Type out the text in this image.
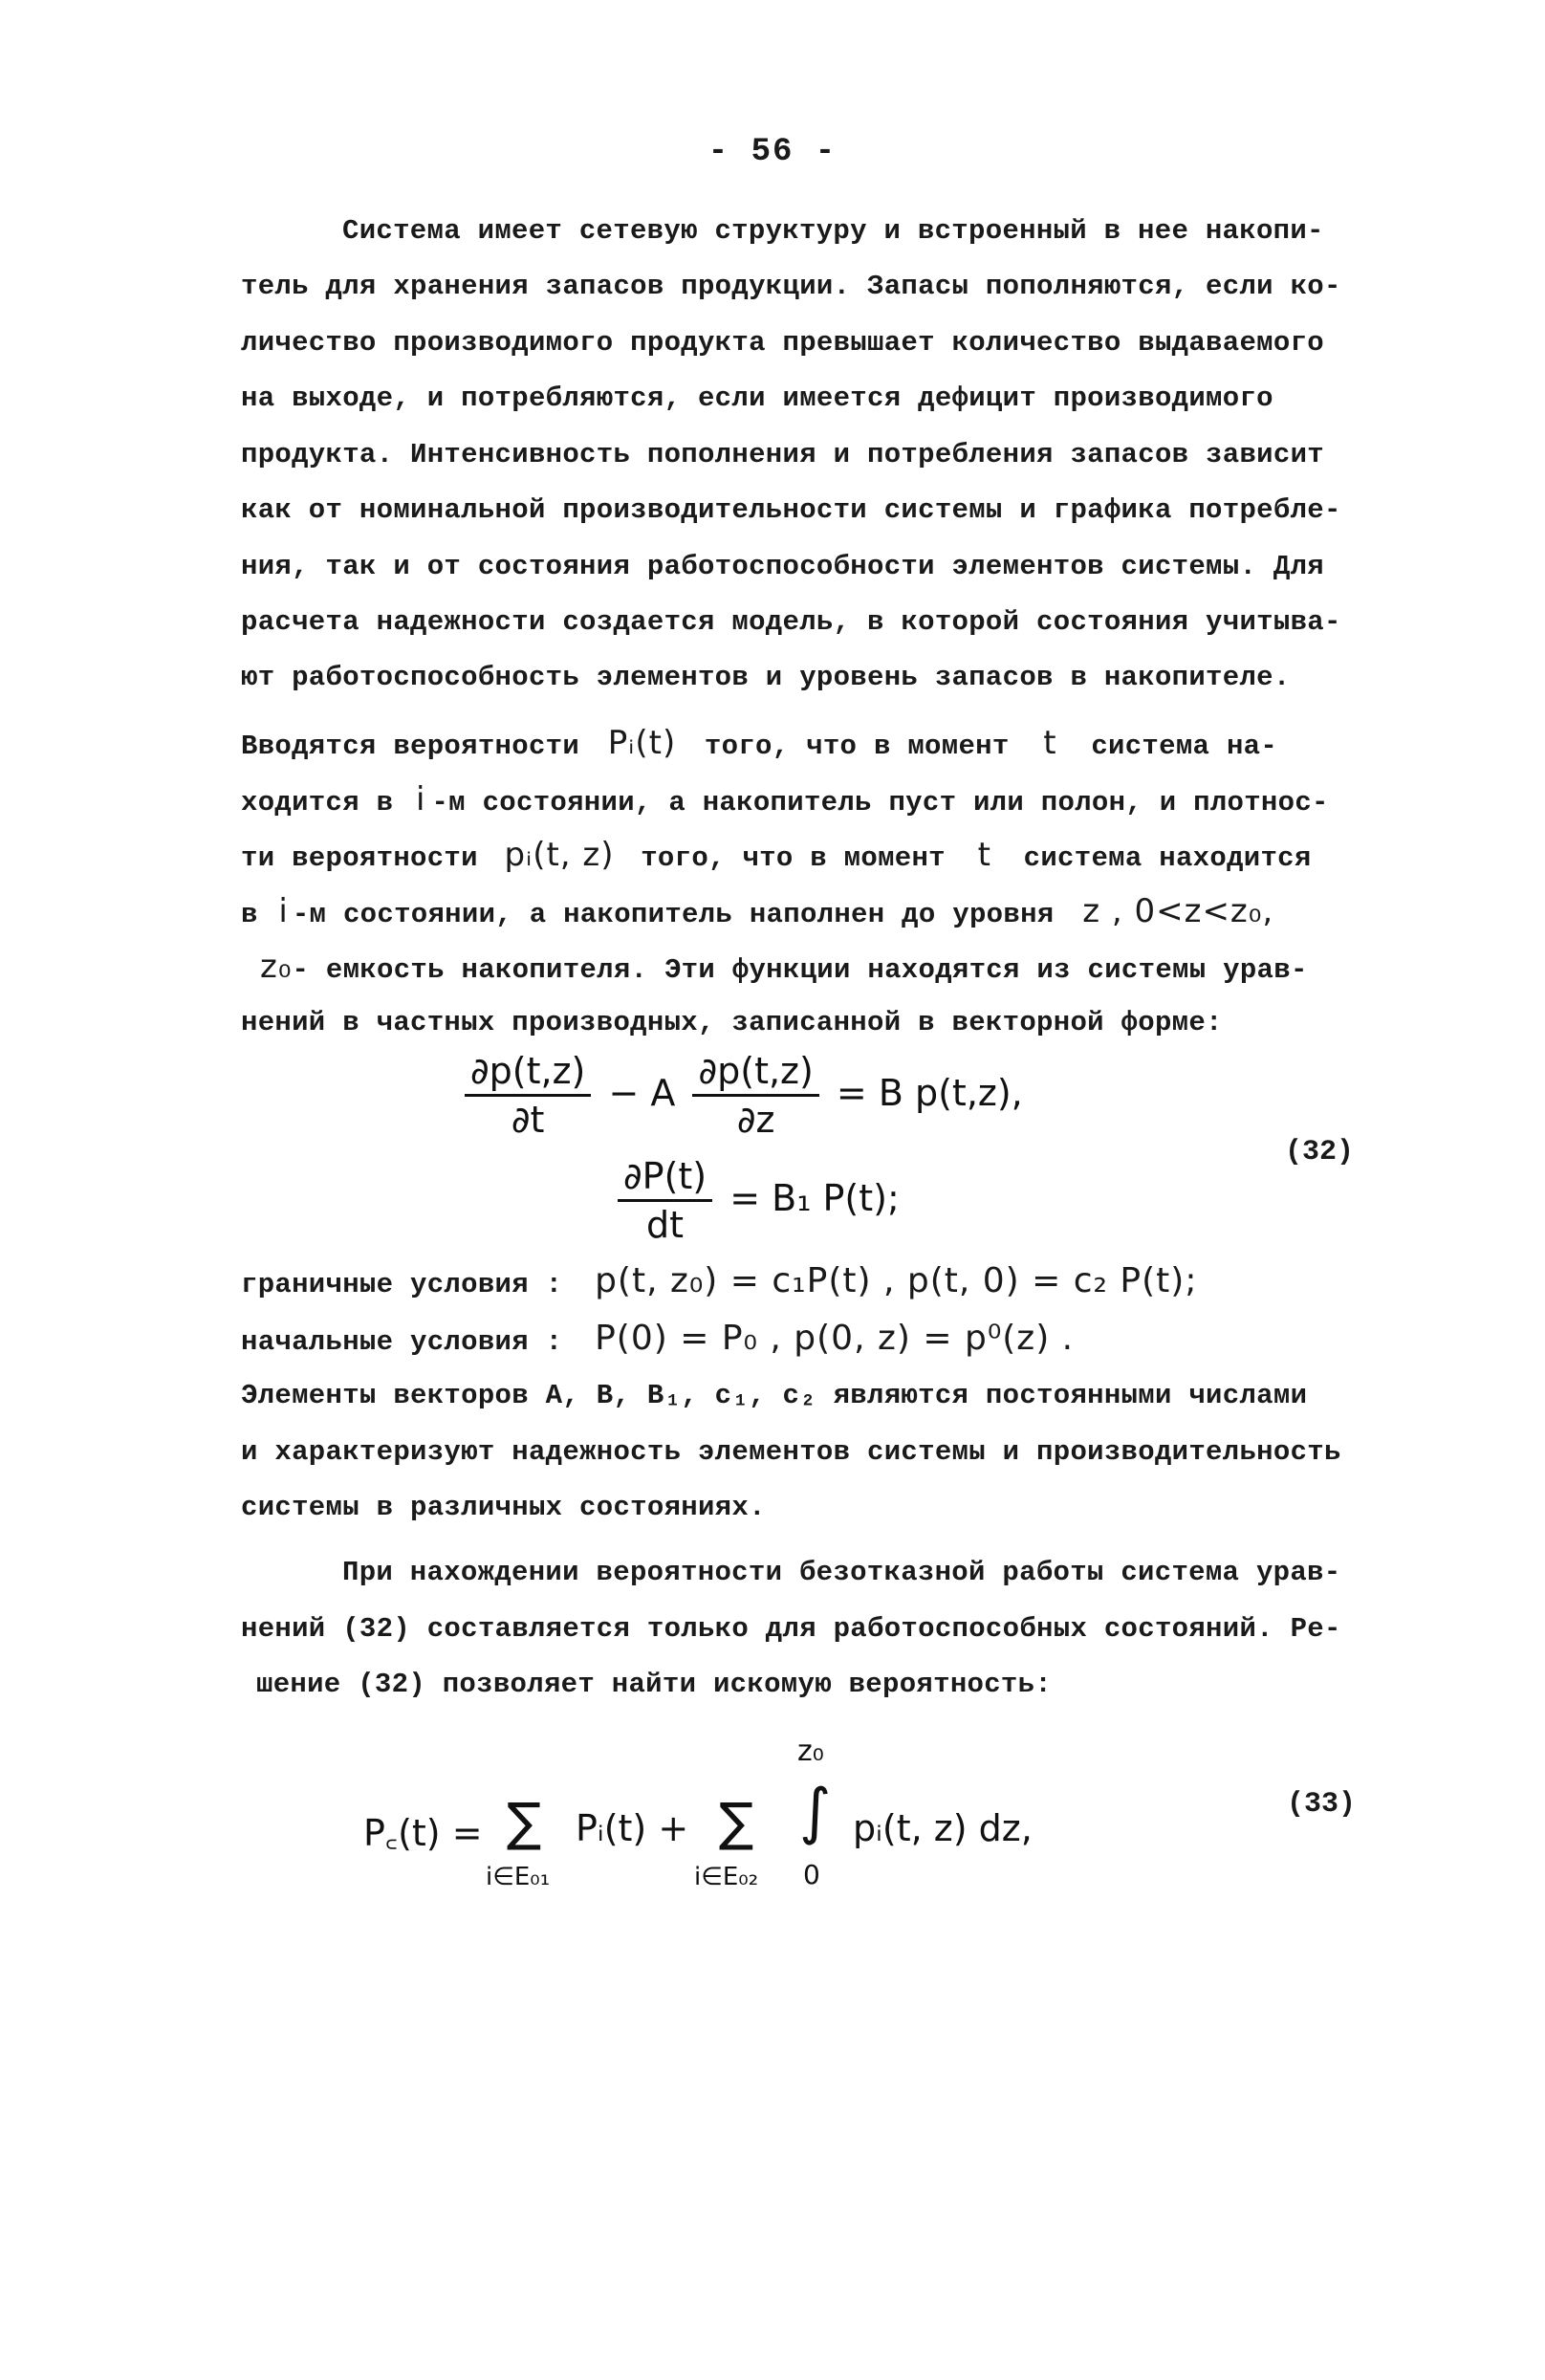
- 56 -
Система имеет сетевую структуру и встроенный в нее накопи-
тель для хранения запасов продукции. Запасы пополняются, если ко-
личество производимого продукта превышает количество выдаваемого
на выходе, и потребляются, если имеется дефицит производимого
продукта. Интенсивность пополнения и потребления запасов зависит
как от номинальной производительности системы и графика потребле-
ния, так и от состояния работоспособности элементов системы. Для
расчета надежности создается модель, в которой состояния учитыва-
ют работоспособность элементов и уровень запасов в накопителе.
Вводятся вероятности Pᵢ(t) того, что в момент t система на-
ходится в i -м состоянии, а накопитель пуст или полон, и плотнос-
ти вероятности pᵢ(t, z) того, что в момент t система находится
в i -м состоянии, а накопитель наполнен до уровня z , 0<z<z₀,
z₀- емкость накопителя. Эти функции находятся из системы урав-
нений в частных производных, записанной в векторной форме:
$\frac{\partial p(t,z)}{\partial t} - A \frac{\partial p(t,z)}{\partial z} = B$ p(t,z),
$\frac{\partial P(t)}{dt} = B_1$ P(t);
(32)
граничные условия : p(t, z₀) = c₁P(t) , p(t, 0) = c₂ P(t);
начальные условия : P(0) = P₀ , p(0, z) = p⁰(z) .
Элементы векторов A, B, B₁, c₁, c₂ являются постоянными числами
и характеризуют надежность элементов системы и производительность
системы в различных состояниях.
При нахождении вероятности безотказной работы система урав-
нений (32) составляется только для работоспособных состояний. Ре-
шение (32) позволяет найти искомую вероятность:
P꜀(t) = ∑
i∈E₀₁
Pᵢ(t) + ∑
i∈E₀₂
z₀
∫
0
pᵢ(t, z) dz,
(33)
